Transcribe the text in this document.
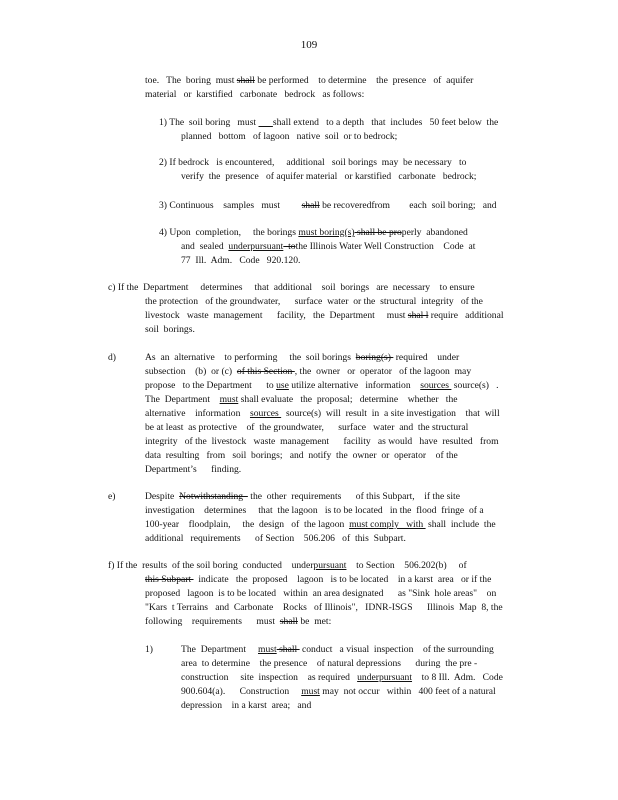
109
toe.   The  boring  must shall be performed    to determine    the  presence   of  aquifer
material   or  karstified   carbonate   bedrock   as follows:
1) The  soil boring   must       shall extend   to a depth   that  includes   50 feet below  the
planned   bottom   of lagoon   native  soil  or to bedrock;
2) If bedrock   is encountered,     additional   soil borings  may  be necessary   to
verify  the  presence   of aquifer material   or karstified   carbonate   bedrock;
3) Continuous    samples   must         shall be recoveredfrom        each  soil boring;   and
4) Upon  completion,     the borings must boring(s) shall be properly  abandoned
and  sealed  underpursuant  tothe Illinois Water Well Construction    Code  at
77  Ill.  Adm.   Code   920.120.
c) If the  Department     determines     that  additional    soil  borings   are  necessary    to ensure
the protection   of the groundwater,      surface  water  or the  structural  integrity   of the
livestock   waste  management      facility,   the  Department     must shal l require   additional
soil  borings.
d)	As  an  alternative    to performing     the  soil borings  boring(s)  required    under
subsection    (b)  or (c)  of this Section , the  owner   or  operator   of the lagoon  may
propose   to the Department      to use utilize alternative   information    sources  source(s)   .
The  Department    must shall evaluate   the  proposal;   determine    whether   the
alternative    information    sources   source(s)  will  result  in  a site investigation    that  will
be at least  as protective    of  the groundwater,      surface   water  and  the structural
integrity   of the  livestock   waste  management      facility   as would   have  resulted   from
data  resulting   from   soil  borings;   and  notify  the  owner  or  operator    of the
Department’s      finding.
e)	Despite  Notwithstanding   the  other  requirements      of this Subpart,    if the site
investigation    determines     that  the lagoon   is to be located   in the  flood  fringe  of a
100-year    floodplain,     the  design   of  the lagoon  must comply   with  shall  include  the
additional   requirements      of Section    506.206   of  this  Subpart.
f) If the  results  of the soil boring  conducted    underpursuant    to Section    506.202(b)     of
this Subpart   indicate   the  proposed    lagoon   is to be located    in a karst  area   or if the
proposed   lagoon  is to be located   within  an area designated      as "Sink  hole areas"    on
"Kars  t Terrains   and  Carbonate    Rocks   of Illinois",   IDNR-ISGS      Illinois  Map  8, the
following    requirements      must  shall be  met:
1)	The  Department     must shall  conduct   a visual  inspection    of the surrounding
area  to determine    the presence    of natural depressions      during  the pre -
construction     site  inspection    as required   underpursuant    to 8 Ill.  Adm.   Code
900.604(a).      Construction     must may  not occur   within   400 feet of a natural
depression    in a karst  area;   and
